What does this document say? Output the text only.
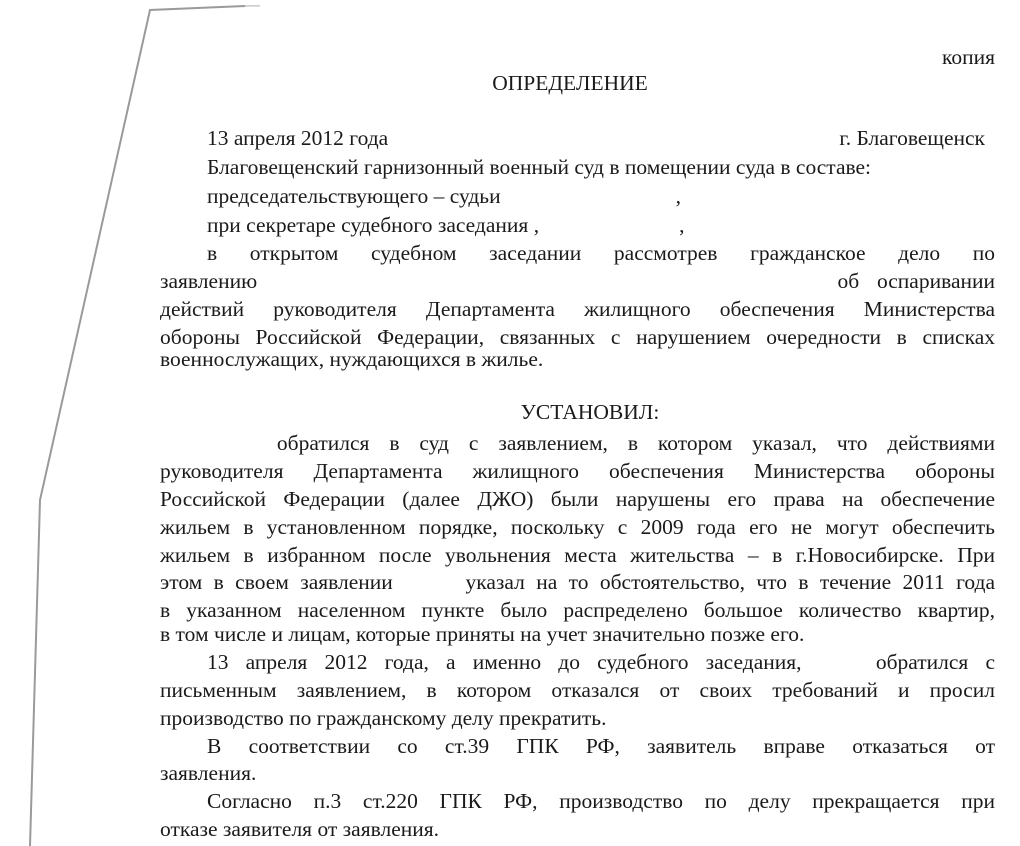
копия
ОПРЕДЕЛЕНИЕ
13 апреля 2012 года	г. Благовещенск
Благовещенский гарнизонный военный суд в помещении суда в составе:
председательствующего – судьи	,
при секретаре судебного заседания ,	,
в открытом судебном заседании рассмотрев гражданское дело по
заявлению	об оспаривании
действий руководителя Департамента жилищного обеспечения Министерства
обороны Российской Федерации, связанных с нарушением очередности в списках
военнослужащих, нуждающихся в жилье.
УСТАНОВИЛ:
обратился в суд с заявлением, в котором указал, что действиями
руководителя Департамента жилищного обеспечения Министерства обороны
Российской Федерации (далее ДЖО) были нарушены его права на обеспечение
жильем в установленном порядке, поскольку с 2009 года его не могут обеспечить
жильем в избранном после увольнения места жительства – в г.Новосибирске. При
этом в своем заявлении	указал на то обстоятельство, что в течение 2011 года
в указанном населенном пункте было распределено большое количество квартир,
в том числе и лицам, которые приняты на учет значительно позже его.
13 апреля 2012 года, а именно до судебного заседания,	обратился с
письменным заявлением, в котором отказался от своих требований и просил
производство по гражданскому делу прекратить.
В соответствии со ст.39 ГПК РФ, заявитель вправе отказаться от
заявления.
Согласно п.3 ст.220 ГПК РФ, производство по делу прекращается при
отказе заявителя от заявления.
